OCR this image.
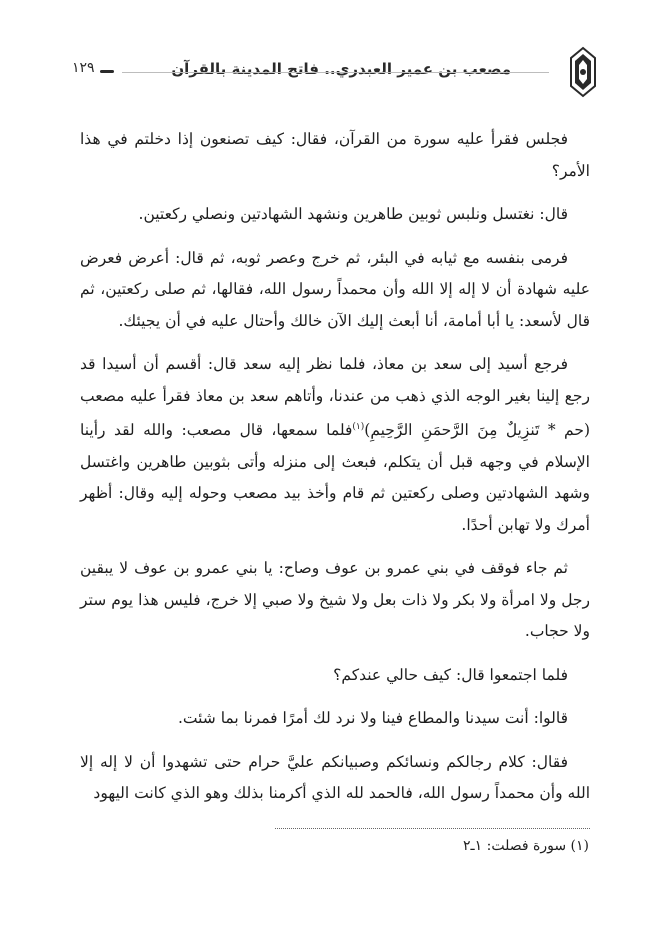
مصعب بن عمير العبدري.. فاتح المدينة بالقرآن
١٢٩

فجلس فقرأ عليه سورة من القرآن، فقال: كيف تصنعون إذا دخلتم في هذا الأمر؟

قال: نغتسل ونلبس ثوبين طاهرين ونشهد الشهادتين ونصلي ركعتين.

فرمى بنفسه مع ثيابه في البئر، ثم خرج وعصر ثوبه، ثم قال: أعرض فعرض عليه شهادة أن لا إله إلا الله وأن محمداً رسول الله، فقالها، ثم صلى ركعتين، ثم قال لأسعد: يا أبا أمامة، أنا أبعث إليك الآن خالك وأحتال عليه في أن يجيئك.

فرجع أسيد إلى سعد بن معاذ، فلما نظر إليه سعد قال: أقسم أن أسيدا قد رجع إلينا بغير الوجه الذي ذهب من عندنا، وأتاهم سعد بن معاذ فقرأ عليه مصعب (حم * تَنزِيلٌ مِنَ الرَّحمَنِ الرَّحِيمِ)$^{(١)}$فلما سمعها، قال مصعب: والله لقد رأينا الإسلام في وجهه قبل أن يتكلم، فبعث إلى منزله وأتى بثوبين طاهرين واغتسل وشهد الشهادتين وصلى ركعتين ثم قام وأخذ بيد مصعب وحوله إليه وقال: أظهر أمرك ولا تهابن أحدًا.

ثم جاء فوقف في بني عمرو بن عوف وصاح: يا بني عمرو بن عوف لا يبقين رجل ولا امرأة ولا بكر ولا ذات بعل ولا شيخ ولا صبي إلا خرج، فليس هذا يوم ستر ولا حجاب.

فلما اجتمعوا قال: كيف حالي عندكم؟

قالوا: أنت سيدنا والمطاع فينا ولا نرد لك أمرًا فمرنا بما شئت.

فقال: كلام رجالكم ونسائكم وصبيانكم عليَّ حرام حتى تشهدوا أن لا إله إلا الله وأن محمداً رسول الله، فالحمد لله الذي أكرمنا بذلك وهو الذي كانت اليهود

(١) سورة فصلت: ١ـ٢
